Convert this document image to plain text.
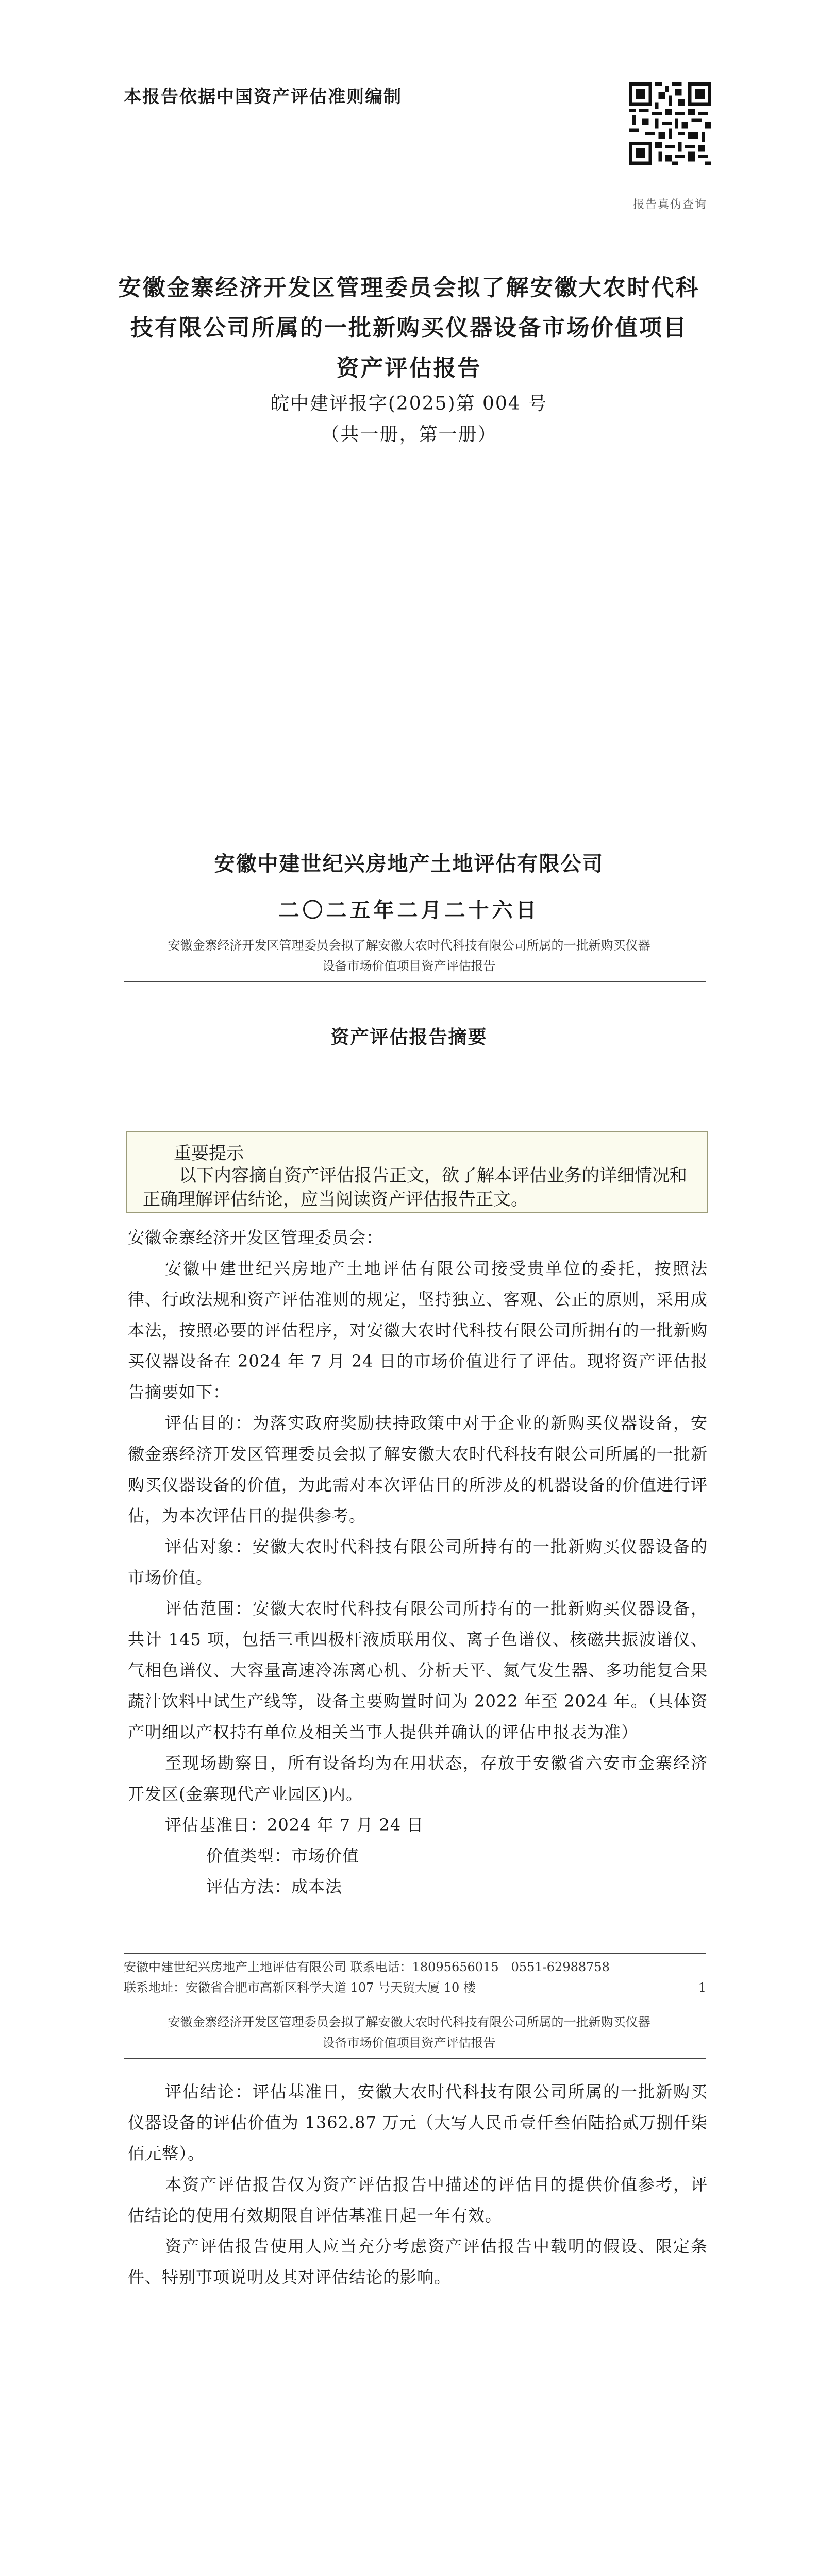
本报告依据中国资产评估准则编制
报告真伪查询
安徽金寨经济开发区管理委员会拟了解安徽大农时代科
技有限公司所属的一批新购买仪器设备市场价值项目
资产评估报告
皖中建评报字(2025)第 004 号
（共一册，第一册）
安徽中建世纪兴房地产土地评估有限公司
二〇二五年二月二十六日
安徽金寨经济开发区管理委员会拟了解安徽大农时代科技有限公司所属的一批新购买仪器
设备市场价值项目资产评估报告
资产评估报告摘要
重要提示
以下内容摘自资产评估报告正文，欲了解本评估业务的详细情况和正确理解评估结论，应当阅读资产评估报告正文。

安徽金寨经济开发区管理委员会：

安徽中建世纪兴房地产土地评估有限公司接受贵单位的委托，按照法律、行政法规和资产评估准则的规定，坚持独立、客观、公正的原则，采用成本法，按照必要的评估程序，对安徽大农时代科技有限公司所拥有的一批新购买仪器设备在 2024 年 7 月 24 日的市场价值进行了评估。现将资产评估报告摘要如下：

评估目的：为落实政府奖励扶持政策中对于企业的新购买仪器设备，安徽金寨经济开发区管理委员会拟了解安徽大农时代科技有限公司所属的一批新购买仪器设备的价值，为此需对本次评估目的所涉及的机器设备的价值进行评估，为本次评估目的提供参考。

评估对象：安徽大农时代科技有限公司所持有的一批新购买仪器设备的市场价值。

评估范围：安徽大农时代科技有限公司所持有的一批新购买仪器设备，共计 145 项，包括三重四极杆液质联用仪、离子色谱仪、核磁共振波谱仪、气相色谱仪、大容量高速冷冻离心机、分析天平、氮气发生器、多功能复合果蔬汁饮料中试生产线等，设备主要购置时间为 2022 年至 2024 年。（具体资产明细以产权持有单位及相关当事人提供并确认的评估申报表为准）

至现场勘察日，所有设备均为在用状态，存放于安徽省六安市金寨经济开发区(金寨现代产业园区)内。

评估基准日：2024 年 7 月 24 日

价值类型：市场价值

评估方法：成本法

安徽中建世纪兴房地产土地评估有限公司 联系电话：18095656015　0551-62988758
联系地址：安徽省合肥市高新区科学大道 107 号天贸大厦 10 楼	1
安徽金寨经济开发区管理委员会拟了解安徽大农时代科技有限公司所属的一批新购买仪器
设备市场价值项目资产评估报告

评估结论：评估基准日，安徽大农时代科技有限公司所属的一批新购买仪器设备的评估价值为 1362.87 万元（大写人民币壹仟叁佰陆拾贰万捌仟柒佰元整）。

本资产评估报告仅为资产评估报告中描述的评估目的提供价值参考，评估结论的使用有效期限自评估基准日起一年有效。

资产评估报告使用人应当充分考虑资产评估报告中载明的假设、限定条件、特别事项说明及其对评估结论的影响。
